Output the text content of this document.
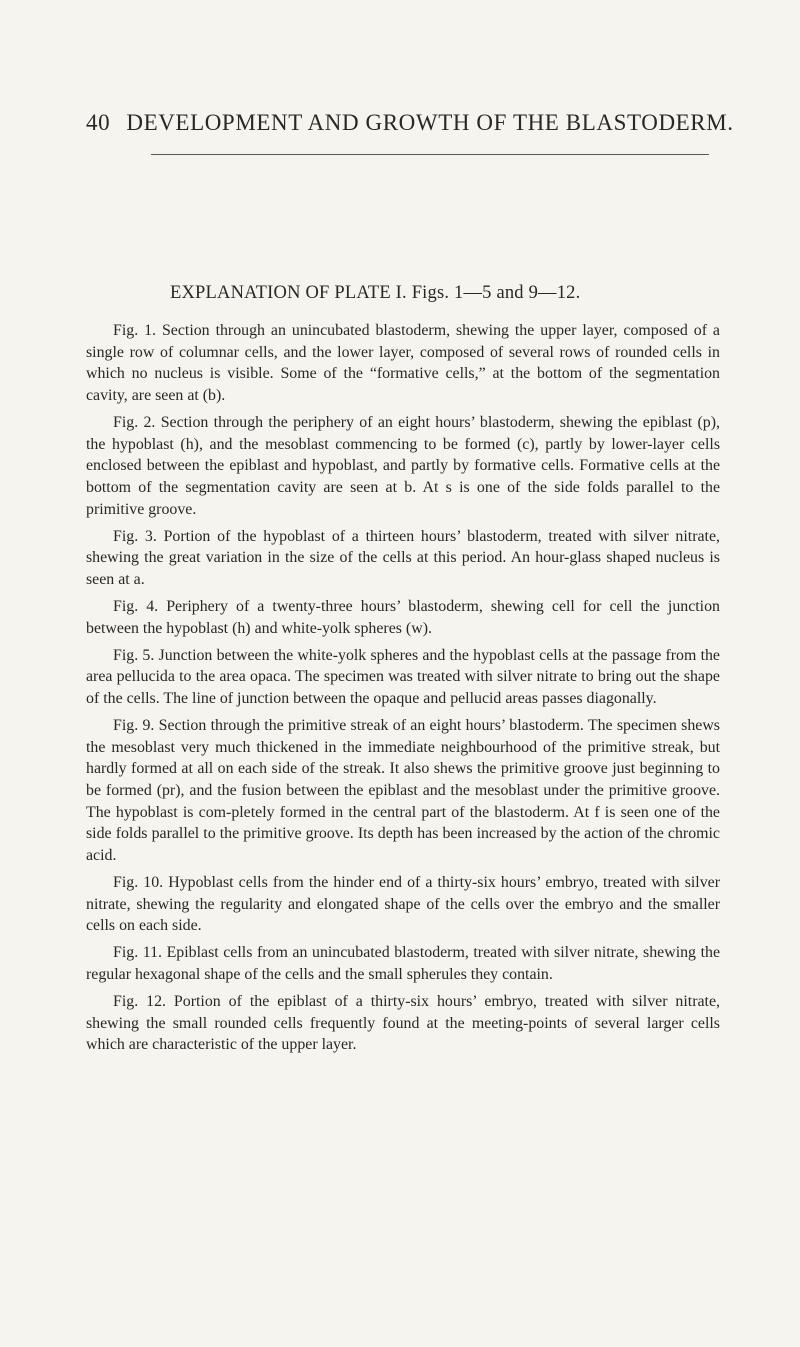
40 DEVELOPMENT AND GROWTH OF THE BLASTODERM.
EXPLANATION OF PLATE I. Figs. 1—5 and 9—12.

Fig. 1. Section through an unincubated blastoderm, shewing the upper layer, composed of a single row of columnar cells, and the lower layer, composed of several rows of rounded cells in which no nucleus is visible. Some of the “formative cells,” at the bottom of the segmentation cavity, are seen at (b).

Fig. 2. Section through the periphery of an eight hours’ blastoderm, shewing the epiblast (p), the hypoblast (h), and the mesoblast commencing to be formed (c), partly by lower-layer cells enclosed between the epiblast and hypoblast, and partly by formative cells. Formative cells at the bottom of the segmentation cavity are seen at b. At s is one of the side folds parallel to the primitive groove.

Fig. 3. Portion of the hypoblast of a thirteen hours’ blastoderm, treated with silver nitrate, shewing the great variation in the size of the cells at this period. An hour-glass shaped nucleus is seen at a.

Fig. 4. Periphery of a twenty-three hours’ blastoderm, shewing cell for cell the junction between the hypoblast (h) and white-yolk spheres (w).

Fig. 5. Junction between the white-yolk spheres and the hypoblast cells at the passage from the area pellucida to the area opaca. The specimen was treated with silver nitrate to bring out the shape of the cells. The line of junction between the opaque and pellucid areas passes diagonally.

Fig. 9. Section through the primitive streak of an eight hours’ blastoderm. The specimen shews the mesoblast very much thickened in the immediate neighbourhood of the primitive streak, but hardly formed at all on each side of the streak. It also shews the primitive groove just beginning to be formed (pr), and the fusion between the epiblast and the mesoblast under the primitive groove. The hypoblast is com-pletely formed in the central part of the blastoderm. At f is seen one of the side folds parallel to the primitive groove. Its depth has been increased by the action of the chromic acid.

Fig. 10. Hypoblast cells from the hinder end of a thirty-six hours’ embryo, treated with silver nitrate, shewing the regularity and elongated shape of the cells over the embryo and the smaller cells on each side.

Fig. 11. Epiblast cells from an unincubated blastoderm, treated with silver nitrate, shewing the regular hexagonal shape of the cells and the small spherules they contain.

Fig. 12. Portion of the epiblast of a thirty-six hours’ embryo, treated with silver nitrate, shewing the small rounded cells frequently found at the meeting-points of several larger cells which are characteristic of the upper layer.
